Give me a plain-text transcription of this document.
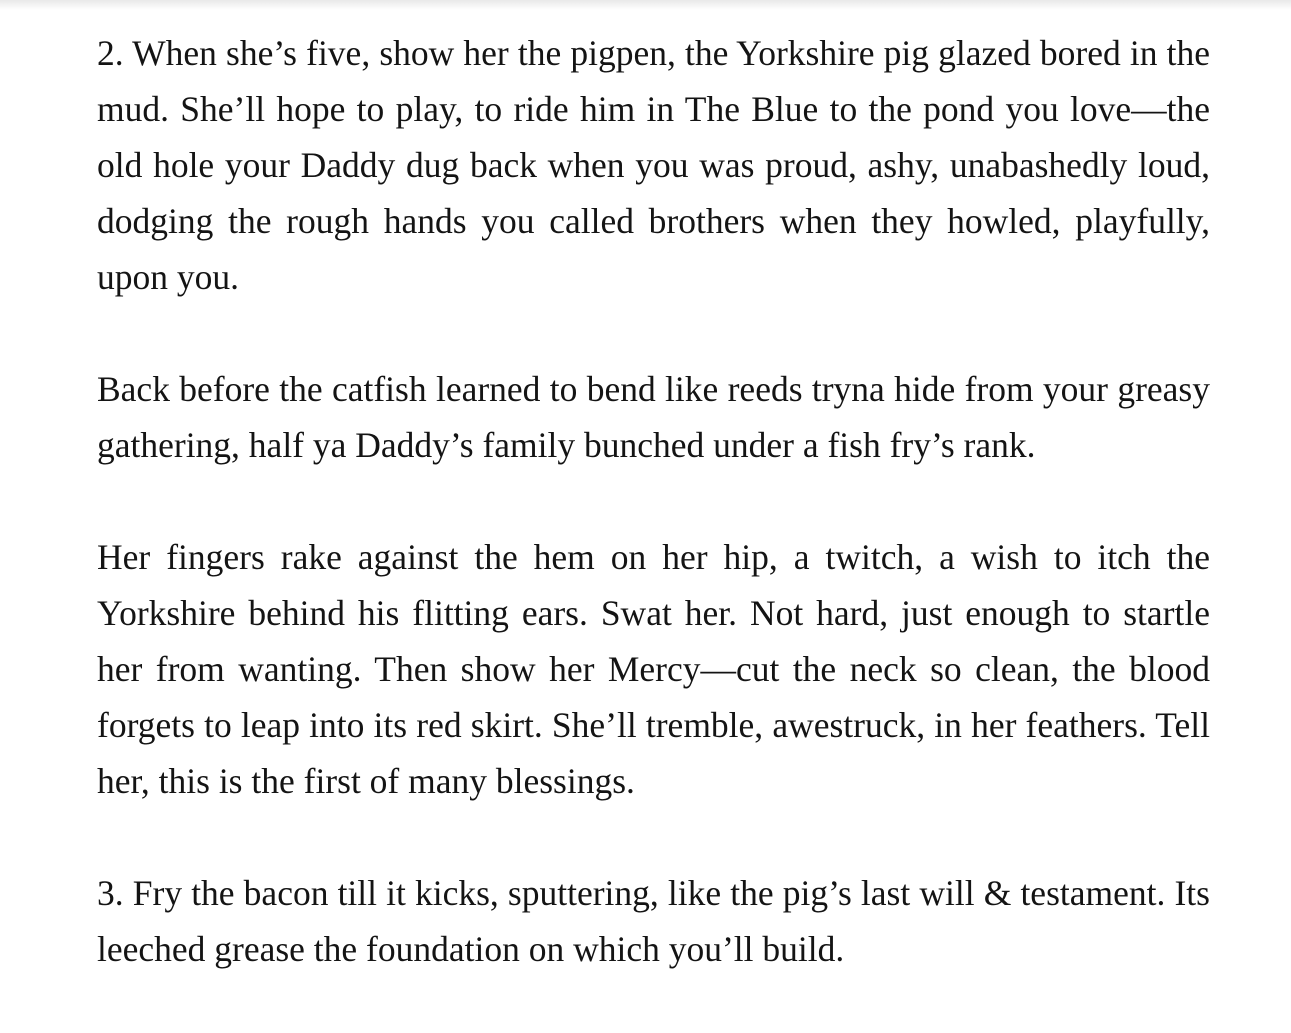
2. When she’s five, show her the pigpen, the Yorkshire pig glazed bored in the mud. She’ll hope to play, to ride him in The Blue to the pond you love—the old hole your Daddy dug back when you was proud, ashy, unabashedly loud, dodging the rough hands you called brothers when they howled, playfully, upon you.

Back before the catfish learned to bend like reeds tryna hide from your greasy gathering, half ya Daddy’s family bunched under a fish fry’s rank.

Her fingers rake against the hem on her hip, a twitch, a wish to itch the Yorkshire behind his flitting ears. Swat her. Not hard, just enough to startle her from wanting. Then show her Mercy—cut the neck so clean, the blood forgets to leap into its red skirt. She’ll tremble, awestruck, in her feathers. Tell her, this is the first of many blessings.

3. Fry the bacon till it kicks, sputtering, like the pig’s last will & testament. Its leeched grease the foundation on which you’ll build.
